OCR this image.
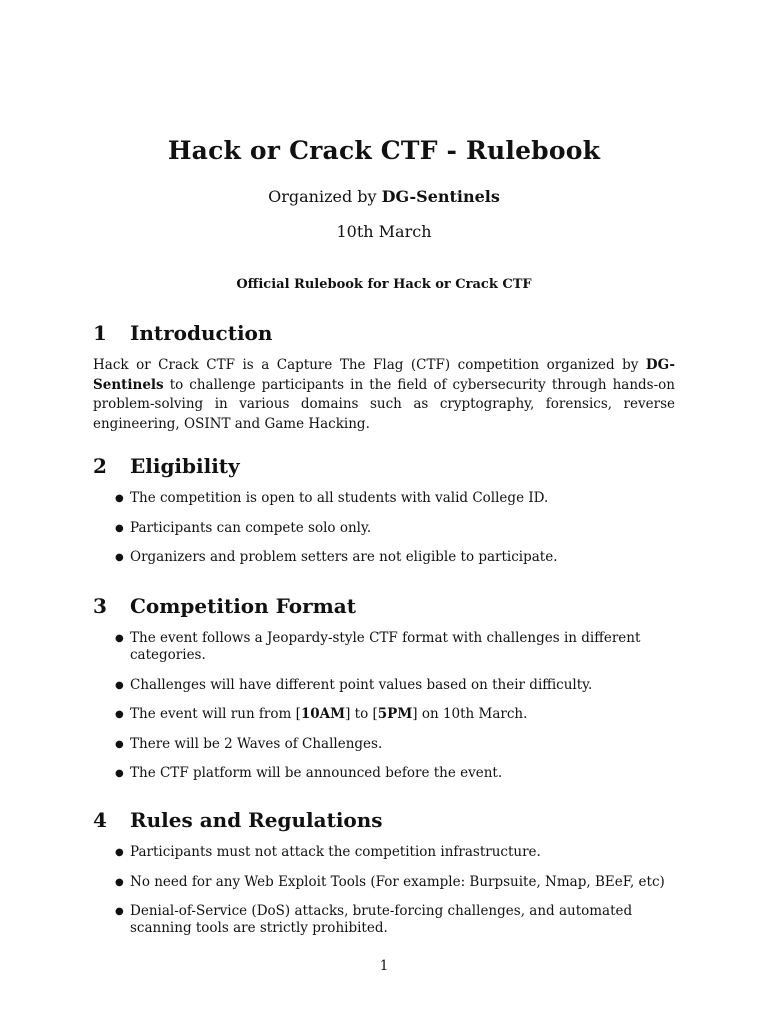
Hack or Crack CTF - Rulebook
Organized by DG-Sentinels
10th March
Official Rulebook for Hack or Crack CTF
1 Introduction

Hack or Crack CTF is a Capture The Flag (CTF) competition organized by DG-Sentinels to challenge participants in the field of cybersecurity through hands-on problem-solving in various domains such as cryptography, forensics, reverse engineering, OSINT and Game Hacking.

2 Eligibility
● The competition is open to all students with valid College ID.
● Participants can compete solo only.
● Organizers and problem setters are not eligible to participate.
3 Competition Format
● The event follows a Jeopardy-style CTF format with challenges in different categories.
● Challenges will have different point values based on their difficulty.
● The event will run from [10AM] to [5PM] on 10th March.
● There will be 2 Waves of Challenges.
● The CTF platform will be announced before the event.
4 Rules and Regulations
● Participants must not attack the competition infrastructure.
● No need for any Web Exploit Tools (For example: Burpsuite, Nmap, BEeF, etc)
● Denial-of-Service (DoS) attacks, brute-forcing challenges, and automated scanning tools are strictly prohibited.
1
